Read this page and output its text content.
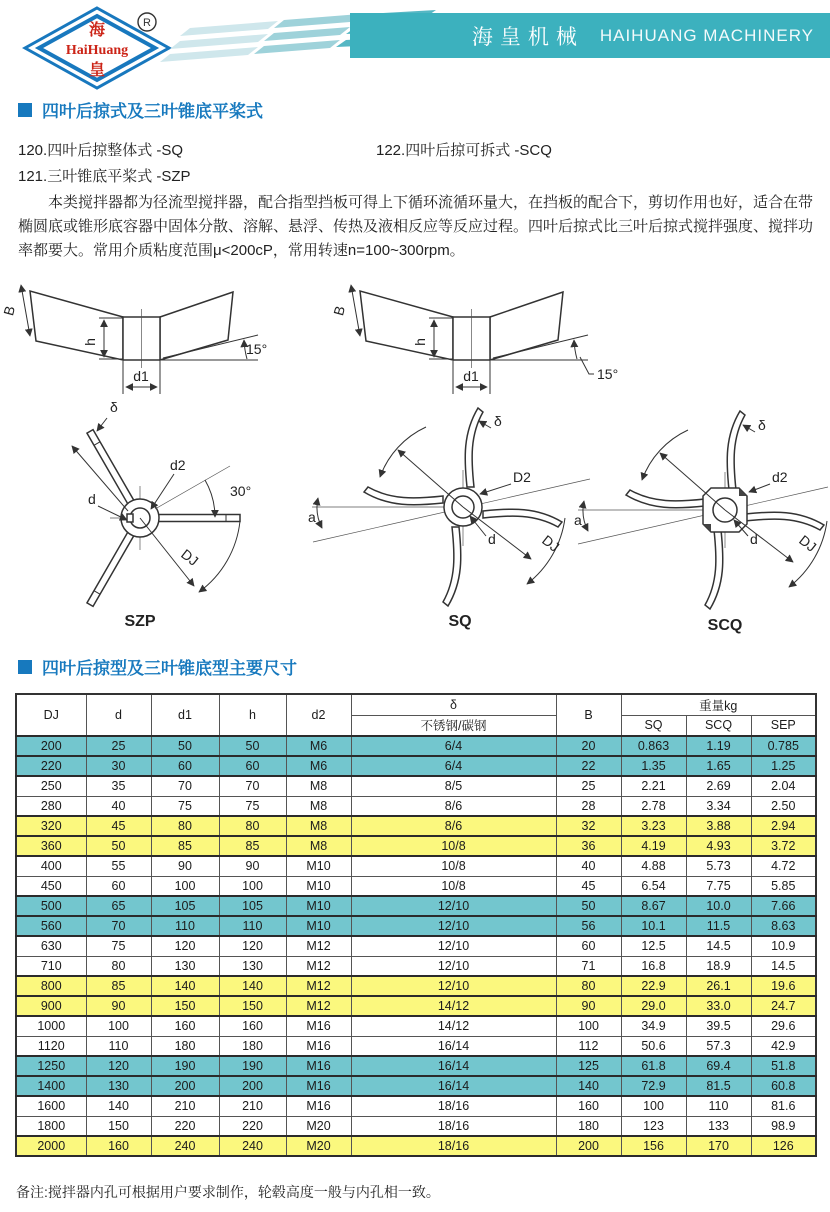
海
HaiHuang
皇
R
海皇机械 HAIHUANG MACHINERY
四叶后掠式及三叶锥底平桨式
120.四叶后掠整体式 -SQ	122.四叶后掠可拆式 -SCQ
121.三叶锥底平桨式 -SZP

本类搅拌器都为径流型搅拌器，配合指型挡板可得上下循环流循环量大，在挡板的配合下，剪切作用也好，适合在带椭圆底或锥形底容器中固体分散、溶解、悬浮、传热及液相反应等反应过程。四叶后掠式比三叶后掠式搅拌强度、搅拌功率都要大。常用介质粘度范围μ<200cP，常用转速n=100~300rpm。

15°
h
d1
B
15°
h
d1
B
δ
30°
d2
d
DJ
SZP
δ
D2
a
d	DJ
SQ
δ
d2
a
d	DJ
SCQ
四叶后掠型及三叶锥底型主要尺寸
DJ	d	d1	h	d2	δ	B	重量kg		
					不锈钢/碳钢		SQ	SCQ	SEP
200	25	50	50	M6	6/4	20	0.863	1.19	0.785
220	30	60	60	M6	6/4	22	1.35	1.65	1.25
250	35	70	70	M8	8/5	25	2.21	2.69	2.04
280	40	75	75	M8	8/6	28	2.78	3.34	2.50
320	45	80	80	M8	8/6	32	3.23	3.88	2.94
360	50	85	85	M8	10/8	36	4.19	4.93	3.72
400	55	90	90	M10	10/8	40	4.88	5.73	4.72
450	60	100	100	M10	10/8	45	6.54	7.75	5.85
500	65	105	105	M10	12/10	50	8.67	10.0	7.66
560	70	110	110	M10	12/10	56	10.1	11.5	8.63
630	75	120	120	M12	12/10	60	12.5	14.5	10.9
710	80	130	130	M12	12/10	71	16.8	18.9	14.5
800	85	140	140	M12	12/10	80	22.9	26.1	19.6
900	90	150	150	M12	14/12	90	29.0	33.0	24.7
1000	100	160	160	M16	14/12	100	34.9	39.5	29.6
1120	110	180	180	M16	16/14	112	50.6	57.3	42.9
1250	120	190	190	M16	16/14	125	61.8	69.4	51.8
1400	130	200	200	M16	16/14	140	72.9	81.5	60.8
1600	140	210	210	M16	18/16	160	100	110	81.6
1800	150	220	220	M20	18/16	180	123	133	98.9
2000	160	240	240	M20	18/16	200	156	170	126

备注:搅拌器内孔可根据用户要求制作，轮毂高度一般与内孔相一致。
